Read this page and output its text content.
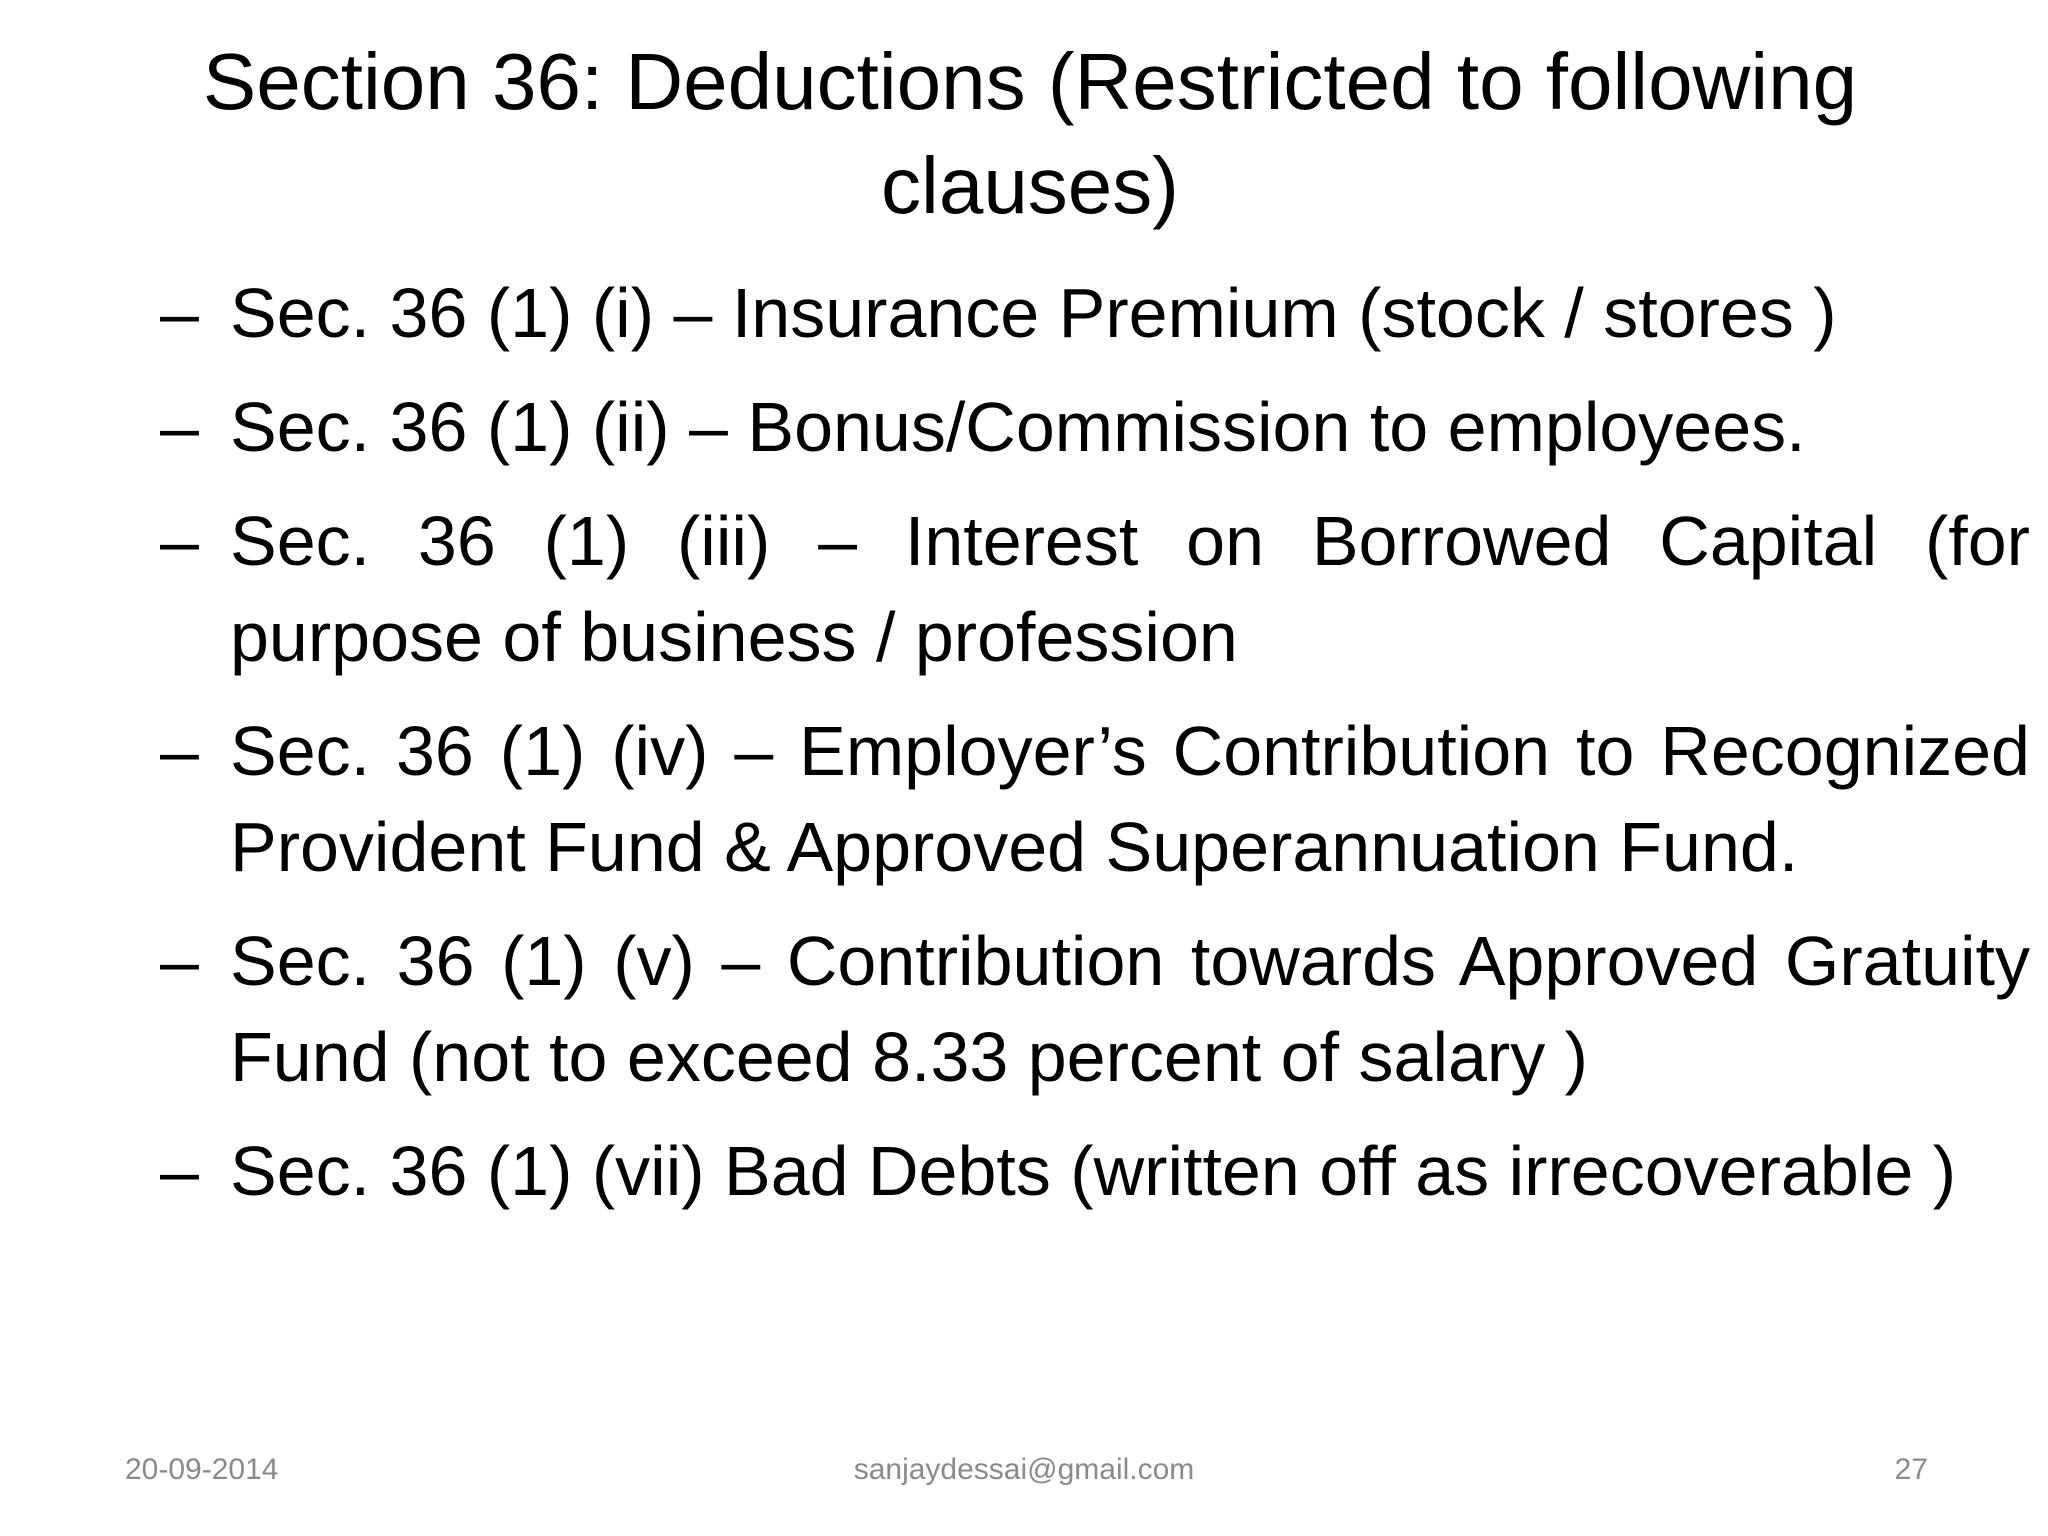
Section 36: Deductions (Restricted to following clauses)
– Sec. 36 (1) (i) – Insurance Premium (stock / stores )
– Sec. 36 (1) (ii) – Bonus/Commission to employees.
– Sec. 36 (1) (iii) – Interest on Borrowed Capital (for purpose of business / profession
– Sec. 36 (1) (iv) – Employer’s Contribution to Recognized Provident Fund & Approved Superannuation Fund.
– Sec. 36 (1) (v) – Contribution towards Approved Gratuity Fund (not to exceed 8.33 percent of salary )
– Sec. 36 (1) (vii) Bad Debts (written off as irrecoverable )
20-09-2014	sanjaydessai@gmail.com	27
